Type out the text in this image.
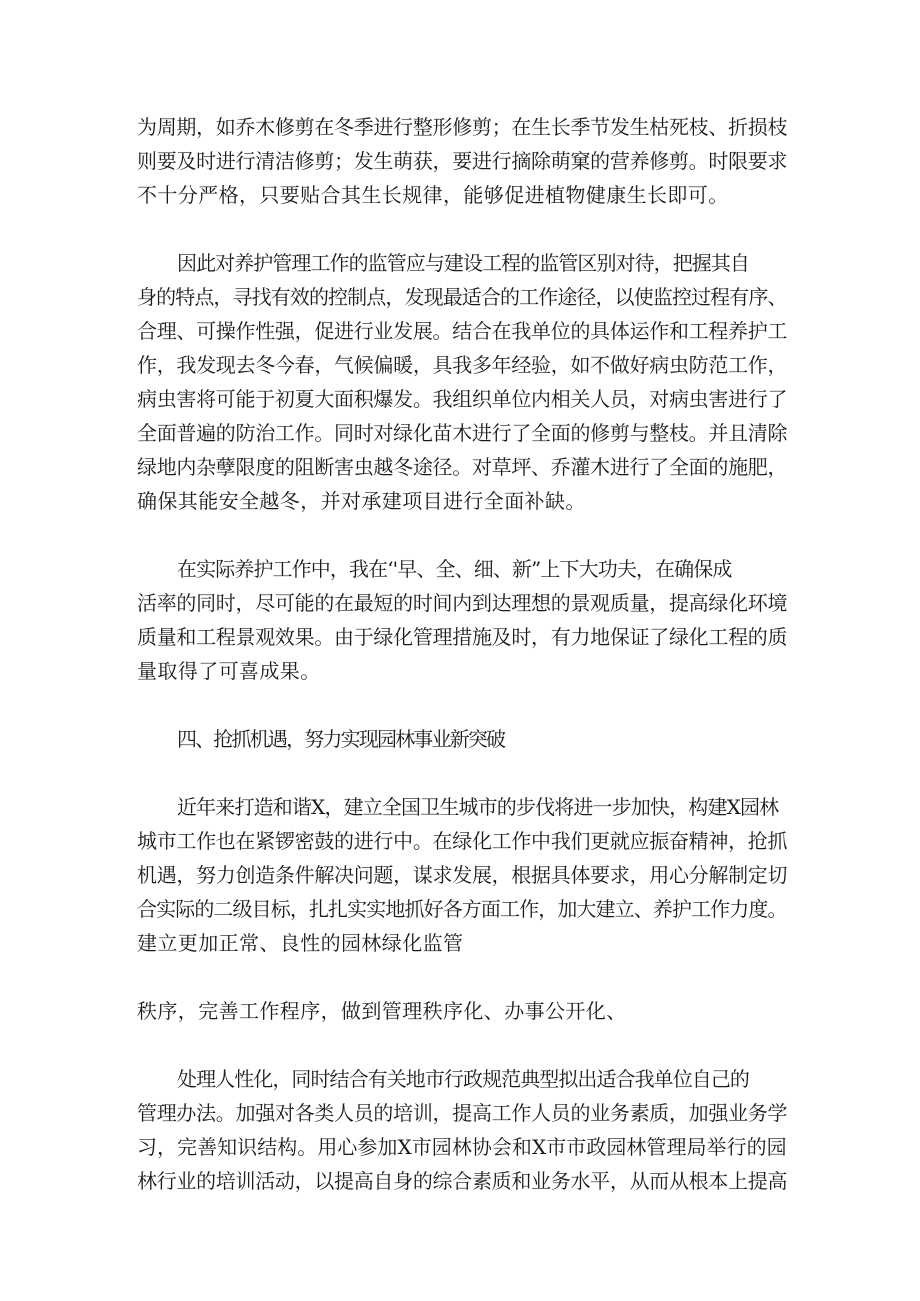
为周期，如乔木修剪在冬季进行整形修剪；在生长季节发生枯死枝、折损枝
则要及时进行清洁修剪；发生萌获，要进行摘除萌窠的营养修剪。时限要求
不十分严格，只要贴合其生长规律，能够促进植物健康生长即可。
因此对养护管理工作的监管应与建设工程的监管区别对待，把握其自
身的特点，寻找有效的控制点，发现最适合的工作途径，以使监控过程有序、
合理、可操作性强，促进行业发展。结合在我单位的具体运作和工程养护工
作，我发现去冬今春，气候偏暖，具我多年经验，如不做好病虫防范工作，
病虫害将可能于初夏大面积爆发。我组织单位内相关人员，对病虫害进行了
全面普遍的防治工作。同时对绿化苗木进行了全面的修剪与整枝。并且清除
绿地内杂孽限度的阻断害虫越冬途径。对草坪、乔灌木进行了全面的施肥，
确保其能安全越冬，并对承建项目进行全面补缺。
在实际养护工作中，我在‘'早、全、细、新”上下大功夫，在确保成
活率的同时，尽可能的在最短的时间内到达理想的景观质量，提高绿化环境
质量和工程景观效果。由于绿化管理措施及时，有力地保证了绿化工程的质
量取得了可喜成果。
四、抢抓机遇，努力实现园林事业新突破
近年来打造和谐X，建立全国卫生城市的步伐将进一步加快，构建X园林
城市工作也在紧锣密鼓的进行中。在绿化工作中我们更就应振奋精神，抢抓
机遇，努力创造条件解决问题，谋求发展，根据具体要求，用心分解制定切
合实际的二级目标，扎扎实实地抓好各方面工作，加大建立、养护工作力度。
建立更加正常、良性的园林绿化监管
秩序，完善工作程序，做到管理秩序化、办事公开化、
处理人性化，同时结合有关地市行政规范典型拟出适合我单位自己的
管理办法。加强对各类人员的培训，提高工作人员的业务素质，加强业务学
习，完善知识结构。用心参加X市园林协会和X市市政园林管理局举行的园
林行业的培训活动，以提高自身的综合素质和业务水平，从而从根本上提高
